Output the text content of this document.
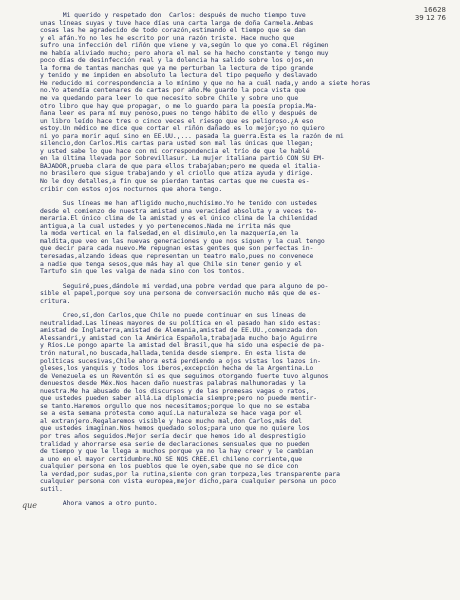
16628
39 12 76
que
Mi querido y respetado don  Carlos: después de mucho tiempo tuve
unas líneas suyas y tuve hace días una carta larga de doña Carmela.Ambas
cosas las he agradecido de todo corazón,estimando el tiempo que se dan
y el afán.Yo no les he escrito por una razón triste. Hace mucho que
sufro una infección del riñón que viene y va,según lo que yo coma.El régimen
me había aliviado mucho; pero ahora el mal se ha hecho constante y tengo muy
poco días de desinfección real y la dolencia ha salido sobre los ojos,en
la forma de tantas manchas que ya me perturban la lectura de tipo grande
y tenido y me impiden en absoluto la lectura del tipo pequeño y deslavado
He reducido mi correspondencia a lo mínimo y que no ha a cuál nada,y ando a siete horas
no.Yo atendía centenares de cartas por año.Me guardo la poca vista que
me va quedando para leer lo que necesito sobre Chile y sobre uno que
otro libro que hay que propagar, o me lo guardo para la poesía propia.Ma-
ñana leer es para mí muy penoso,pues no tengo hábito de ello y después de
un libro leído hace tres o cinco veces el riesgo que es peligroso.¿A eso
estoy.Un médico me dice que cortar el riñón dañado es lo mejor;yo no quiero
ni yo para morir aquí sino en EE.UU.,... pasada la guerra.Esta es la razón de mi
silencio,don Carlos.Mis cartas para usted son mal las únicas que llegan;
y usted sabe lo que hace con mi correspondencia el trío de que le hablé
en la última llevada por Sobrevillasur. La mujer italiana partió CON SU EM-
BAJADOR,prueba clara de que para ellos trabajaban;pero me queda el italia-
no brasilero que sigue trabajando y el criollo que atiza ayuda y dirige.
No le doy detalles,a fin que se pierdan tantas cartas que me cuesta es-
cribir con estos ojos nocturnos que ahora tengo.
Sus líneas me han afligido mucho,muchísimo.Yo he tenido con ustedes
desde el comienzo de nuestra amistad una veracidad absoluta y a veces te-
meraria.El único clima de la amistad y es el único clima de la chilenidad
antigua,a la cual ustedes y yo pertenecemos.Nada me irrita más que
la moda vertical en la falsedad,en el disimulo,en la mazquería,en la
maldita,que veo en las nuevas generaciones y que nos siguen y la cual tengo
que decir para cada nuevo.Me repugnan estas gentes que son perfectas in-
teresadas,alzando ideas que representan un teatro malo,pues no convenece
a nadie que tenga sesos,que más hay al que Chile sin tener genio y el
Tartufo sin que les valga de nada sino con los tontos.
Seguiré,pues,dándole mi verdad,una pobre verdad que para alguno de po-
sible el papel,porque soy una persona de conversación mucho más que de es-
critura.
Creo,sí,don Carlos,que Chile no puede continuar en sus líneas de
neutralidad.Las líneas mayores de su política en el pasado han sido estas:
amistad de Inglaterra,amistad de Alemania,amistad de EE.UU.,comenzada don
Alessandri,y amistad con la América Española,trabajada mucho bajo Aguirre
y Ríos.Le pongo aparte la amistad del Brasil,que ha sido una especie de pa-
trón natural,no buscada,hallada,tenida desde siempre. En esta lista de
políticas sucesivas,Chile ahora está perdiendo a ojos vistas los lazos in-
gleses,los yanquis y todos los iberos,excepción hecha de la Argentina.Lo
de Venezuela es un Reventón si es que seguimos otorgando fuerte tuvo algunos
denuestos desde Méx.Nos hacen daño nuestras palabras malhumoradas y la
nuestra.Me ha abusado de los discursos y de las promesas vagas o ratos,
que ustedes pueden saber allá.La diplomacia siempre;pero no puede mentir-
se tanto.Haremos orgullo que nos necesitamos;porque lo que no se estaba
se a esta semana protesta como aquí.La naturaleza se hace vaga por el
al extranjero.Regalaremos visible y hace mucho mal,don Carlos,más del
que ustedes imaginan.Nos hemos quedado solos;para uno que no quiere los
por tres años seguidos.Mejor sería decir que hemos ido al desprestigio
tralidad y ahorrarse esa serie de declaraciones sensuales que no pueden
de tiempo y que le llega a muchos porque ya no la hay creer y le cambian
a uno en el mayor certidumbre.NO SE NOS CREE.El chileno corriente,que
cualquier persona en los pueblos que le oyen,sabe que no se dice con
la verdad,por sudas,por la rutina,siente con gran torpeza,les transparente para
cualquier persona con vista europea,mejor dicho,para cualquier persona un poco
sutil.
Ahora vamos a otro punto.
